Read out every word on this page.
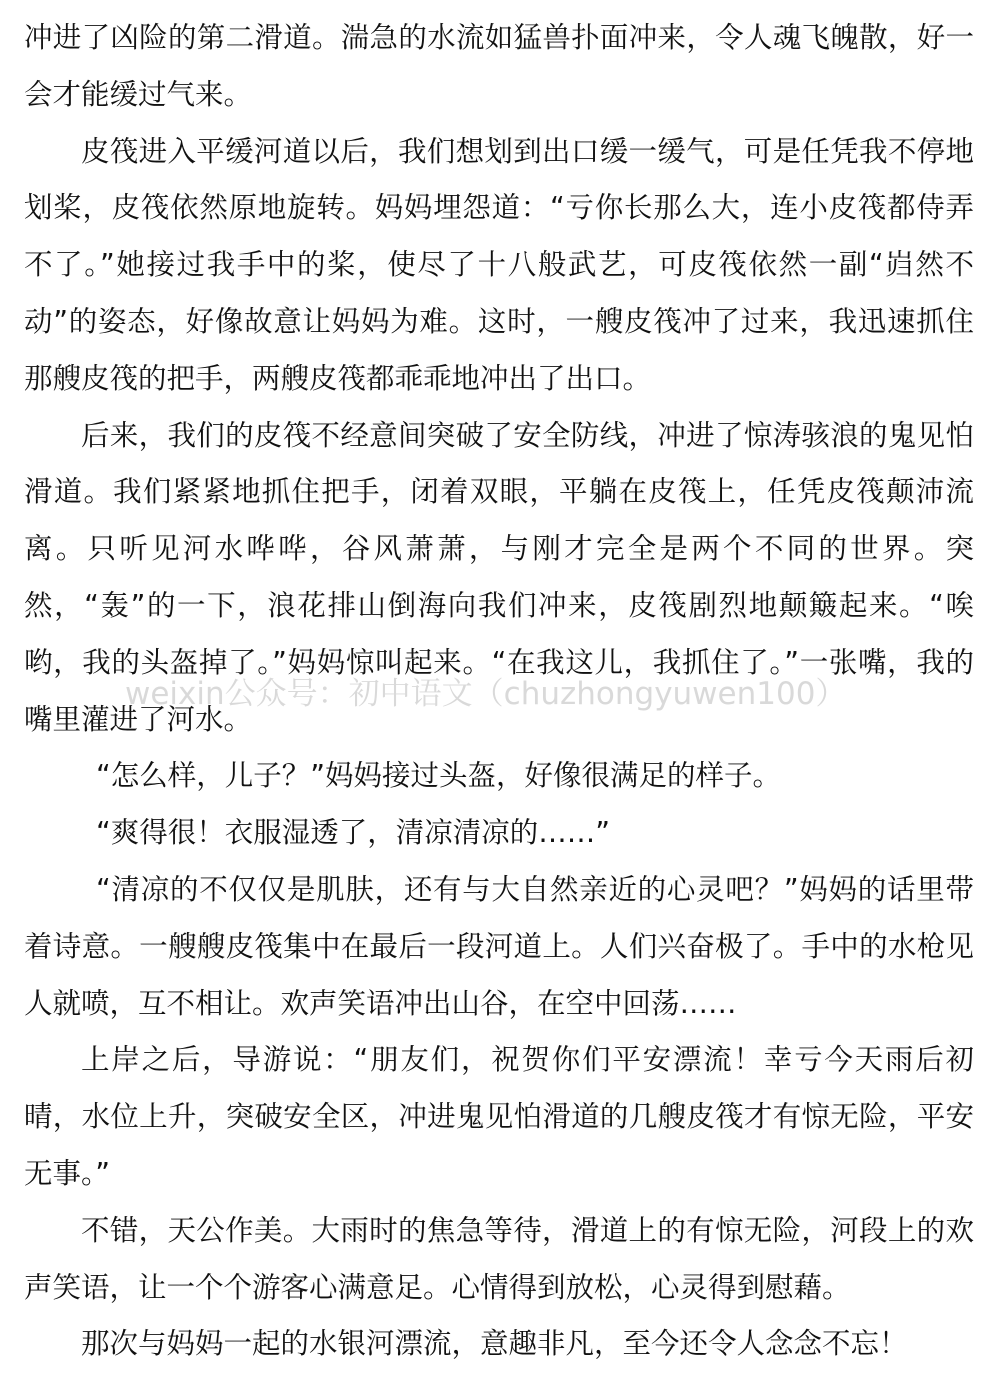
冲进了凶险的第二滑道。湍急的水流如猛兽扑面冲来，令人魂飞魄散，好一会才能缓过气来。

皮筏进入平缓河道以后，我们想划到出口缓一缓气，可是任凭我不停地划桨，皮筏依然原地旋转。妈妈埋怨道：“亏你长那么大，连小皮筏都侍弄不了。”她接过我手中的桨，使尽了十八般武艺，可皮筏依然一副“岿然不动”的姿态，好像故意让妈妈为难。这时，一艘皮筏冲了过来，我迅速抓住那艘皮筏的把手，两艘皮筏都乖乖地冲出了出口。

后来，我们的皮筏不经意间突破了安全防线，冲进了惊涛骇浪的鬼见怕滑道。我们紧紧地抓住把手，闭着双眼，平躺在皮筏上，任凭皮筏颠沛流离。只听见河水哗哗，谷风萧萧，与刚才完全是两个不同的世界。突然，“轰”的一下，浪花排山倒海向我们冲来，皮筏剧烈地颠簸起来。“唉哟，我的头盔掉了。”妈妈惊叫起来。“在我这儿，我抓住了。”一张嘴，我的嘴里灌进了河水。

“怎么样，儿子？”妈妈接过头盔，好像很满足的样子。

“爽得很！衣服湿透了，清凉清凉的……”

“清凉的不仅仅是肌肤，还有与大自然亲近的心灵吧？”妈妈的话里带着诗意。一艘艘皮筏集中在最后一段河道上。人们兴奋极了。手中的水枪见人就喷，互不相让。欢声笑语冲出山谷，在空中回荡……

上岸之后，导游说：“朋友们，祝贺你们平安漂流！幸亏今天雨后初晴，水位上升，突破安全区，冲进鬼见怕滑道的几艘皮筏才有惊无险，平安无事。”

不错，天公作美。大雨时的焦急等待，滑道上的有惊无险，河段上的欢声笑语，让一个个游客心满意足。心情得到放松，心灵得到慰藉。

那次与妈妈一起的水银河漂流，意趣非凡，至今还令人念念不忘！

weixin公众号：初中语文（chuzhongyuwen100）
